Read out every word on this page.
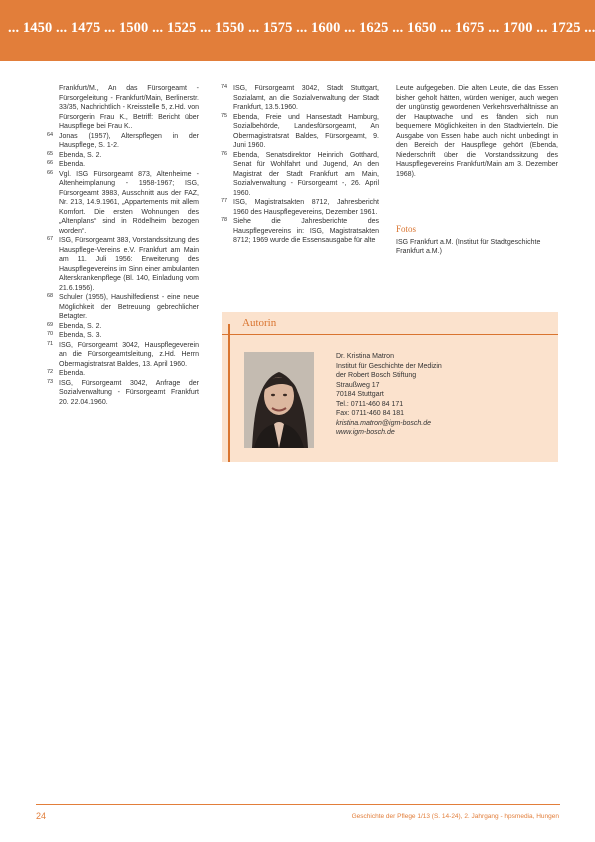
... 1450 ... 1475 ... 1500 ... 1525 ... 1550 ... 1575 ... 1600 ... 1625 ... 1650 ... 1675 ... 1700 ... 1725 ...
Frankfurt/M., An das Fürsorgeamt - Fürsorgeleitung - Frankfurt/Main, Berlinerstr. 33/35, Nachrichtlich - Kreisstelle 5, z.Hd. von Fürsorgerin Frau K., Betriff: Bericht über Hauspflege bei Frau K..
64 Jonas (1957), Alterspflegen in der Hauspflege, S. 1-2.
65 Ebenda, S. 2.
66 Ebenda.
66 Vgl. ISG Fürsorgeamt 873, Altenheime - Altenheimplanung - 1958-1967; ISG, Fürsorgeamt 3983, Ausschnitt aus der FAZ, Nr. 213, 14.9.1961, „Appartements mit allem Komfort. Die ersten Wohnungen des „Altenplans“ sind in Rödelheim bezogen worden“.
67 ISG, Fürsorgeamt 383, Vorstandssitzung des Hauspflege-Vereins e.V. Frankfurt am Main am 11. Juli 1956: Erweiterung des Hauspflegevereins im Sinn einer ambulanten Alterskrankenpflege (Bl. 140, Einladung vom 21.6.1956).
68 Schuler (1955), Haushilfedienst - eine neue Möglichkeit der Betreuung gebrechlicher Betagter.
69 Ebenda, S. 2.
70 Ebenda, S. 3.
71 ISG, Fürsorgeamt 3042, Hauspflegeverein an die Fürsorgeamtsleitung, z.Hd. Herrn Obermagistratsrat Baldes, 13. April 1960.
72 Ebenda.
73 ISG, Fürsorgeamt 3042, Anfrage der Sozialverwaltung - Fürsorgeamt Frankfurt 20. 22.04.1960.
74 ISG, Fürsorgeamt 3042, Stadt Stuttgart, Sozialamt, an die Sozialverwaltung der Stadt Frankfurt, 13.5.1960.
75 Ebenda, Freie und Hansestadt Hamburg, Sozialbehörde, Landesfürsorgeamt, An Obermagistratsrat Baldes, Fürsorgeamt, 9. Juni 1960.
76 Ebenda, Senatsdirektor Heinrich Gotthard, Senat für Wohlfahrt und Jugend, An den Magistrat der Stadt Frankfurt am Main, Sozialverwaltung - Fürsorgeamt -, 26. April 1960.
77 ISG, Magistratsakten 8712, Jahresbericht 1960 des Hauspflegevereins, Dezember 1961.
78 Siehe die Jahresberichte des Hauspflegevereins in: ISG, Magistratsakten 8712; 1969 wurde die Essensausgabe für alte
Leute aufgegeben. Die alten Leute, die das Essen bisher geholt hätten, würden weniger, auch wegen der ungünstig gewordenen Verkehrsverhältnisse an der Hauptwache und es fänden sich nun bequemere Möglichkeiten in den Stadtvierteln. Die Ausgabe von Essen habe auch nicht unbedingt in den Bereich der Hauspflege gehört (Ebenda, Niederschrift über die Vorstandssitzung des Hauspflegevereins Frankfurt/Main am 3. Dezember 1968).
Fotos
ISG Frankfurt a.M. (Institut für Stadtgeschichte Frankfurt a.M.)
Autorin
Dr. Kristina Matron
Institut für Geschichte der Medizin
der Robert Bosch Stiftung
Straußweg 17
70184 Stuttgart
Tel.: 0711-460 84 171
Fax: 0711-460 84 181
kristina.matron@igm-bosch.de
www.igm-bosch.de
24	Geschichte der Pflege 1/13 (S. 14-24), 2. Jahrgang - hpsmedia, Hungen
